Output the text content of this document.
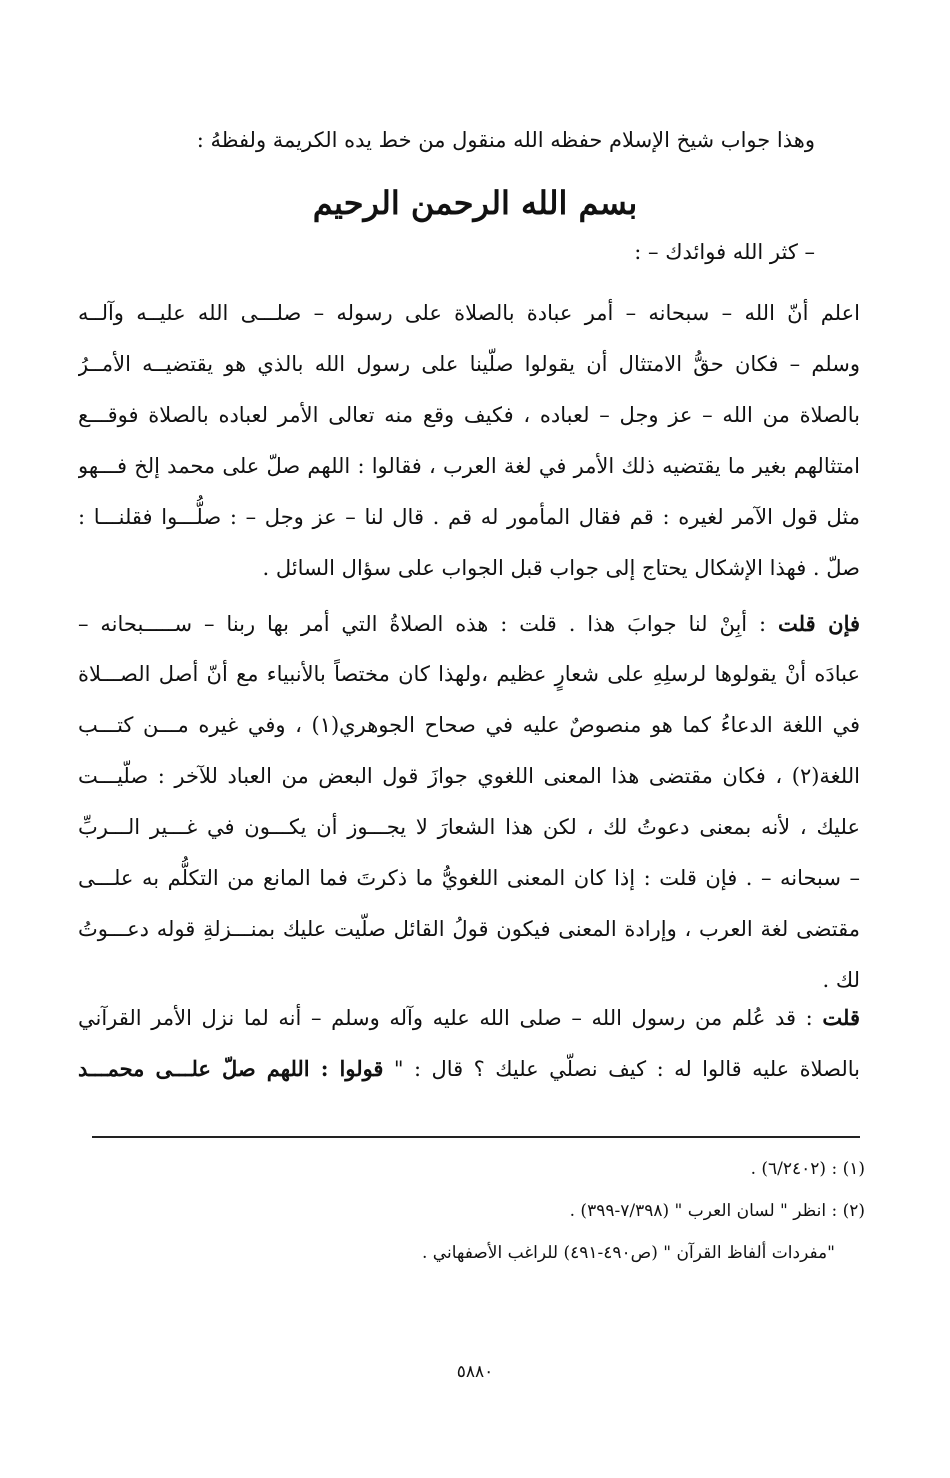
وهذا جواب شيخ الإسلام حفظه الله منقول من خط يده الكريمة ولفظهُ :
بسم الله الرحمن الرحيم
– كثر الله فوائدك – :
اعلم أنّ الله – سبحانه – أمر عبادة بالصلاة على رسوله – صلـــى الله عليــه وآلــه
وسلم – فكان حقُّ الامتثال أن يقولوا صلّينا على رسول الله بالذي هو يقتضيــه الأمــرُ
بالصلاة من الله – عز وجل – لعباده ، فكيف وقع منه تعالى الأمر لعباده بالصلاة فوقـــع
امتثالهم بغير ما يقتضيه ذلك الأمر في لغة العرب ، فقالوا : اللهم صلّ على محمد إلخ فـــهو
مثل قول الآمر لغيره : قم فقال المأمور له قم . قال لنا – عز وجل – : صلُّـــوا فقلنـــا :
صلّ . فهذا الإشكال يحتاج إلى جواب قبل الجواب على سؤال السائل .
فإن قلت : أبِنْ لنا جوابَ هذا . قلت : هذه الصلاةُ التي أمر بها ربنا – ســـــبحانه –
عبادَه أنْ يقولوها لرسلِهِ على شعارٍ عظيم ،ولهذا كان مختصاً بالأنبياء مع أنّ أصل الصـــلاة
في اللغة الدعاءُ كما هو منصوصٌ عليه في صحاح الجوهري(١) ، وفي غيره مـــن كتـــب
اللغة(٢) ، فكان مقتضى هذا المعنى اللغوي جوازَ قول البعض من العباد للآخر : صلّيـــت
عليك ، لأنه بمعنى دعوتُ لك ، لكن هذا الشعارَ لا يجـــوز أن يكـــون في غـــير الـــربِّ
– سبحانه – . فإن قلت : إذا كان المعنى اللغويُّ ما ذكرتَ فما المانع من التكلُّم به علـــى
مقتضى لغة العرب ، وإرادة المعنى فيكون قولُ القائل صلّيت عليك بمنـــزلةِ قوله دعـــوتُ
لك .
قلت : قد عُلم من رسول الله – صلى الله عليه وآله وسلم – أنه لما نزل الأمر القرآني
بالصلاة عليه قالوا له : كيف نصلّي عليك ؟ قال : " قولوا : اللهم صلّ علـــى محمـــد
(١) : (٦/٢٤٠٢) .
(٢) : انظر " لسان العرب " (٧/٣٩٨-٣٩٩) .
"مفردات ألفاظ القرآن " (ص٤٩٠-٤٩١) للراغب الأصفهاني .
٥٨٨٠
